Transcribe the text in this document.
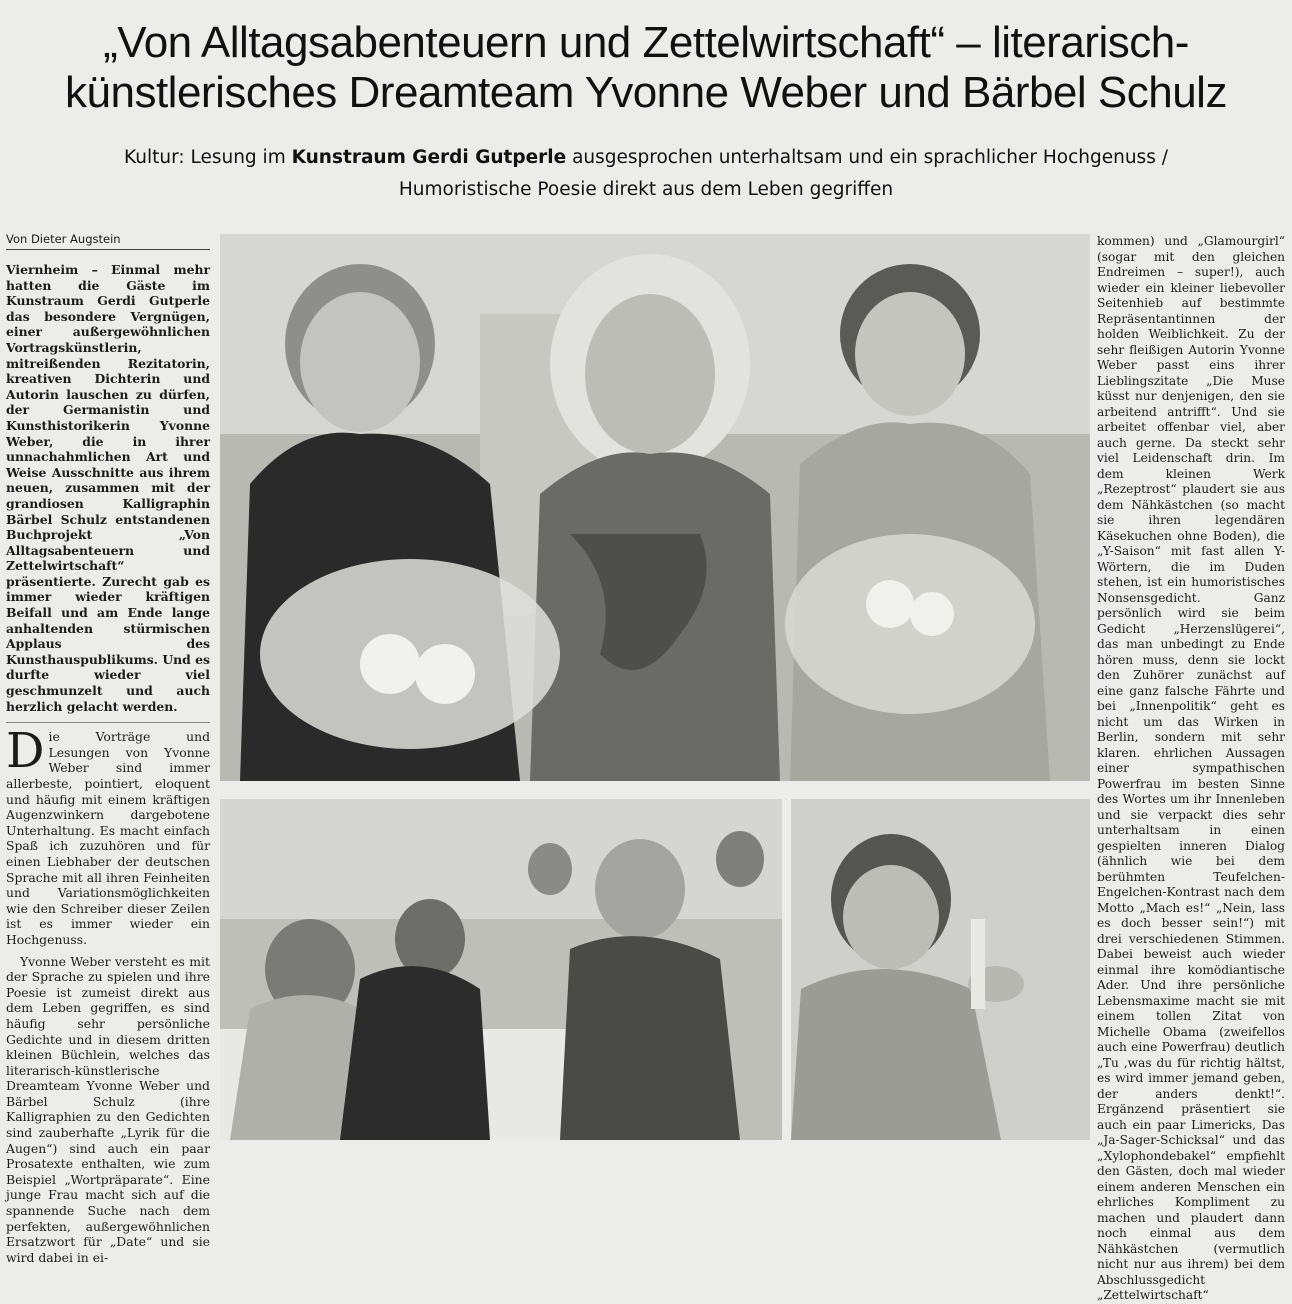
„Von Alltagsabenteuern und Zettelwirtschaft“ – literarisch-
künstlerisches Dreamteam Yvonne Weber und Bärbel Schulz
Kultur: Lesung im Kunstraum Gerdi Gutperle ausgesprochen unterhaltsam und ein sprachlicher Hochgenuss /
Humoristische Poesie direkt aus dem Leben gegriffen
Von Dieter Augstein

Viernheim – Einmal mehr hatten die Gäste im Kunstraum Gerdi Gutperle das besondere Vergnügen, einer außergewöhnlichen Vortragskünstlerin, mitreißenden Rezitatorin, kreativen Dichterin und Autorin lauschen zu dürfen, der Germanistin und Kunsthistorikerin Yvonne Weber, die in ihrer unnachahmlichen Art und Weise Ausschnitte aus ihrem neuen, zusammen mit der grandiosen Kalligraphin Bärbel Schulz entstandenen Buchprojekt „Von Alltagsabenteuern und Zettelwirtschaft“ präsentierte. Zurecht gab es immer wieder kräftigen Beifall und am Ende lange anhaltenden stürmischen Applaus des Kunsthauspublikums. Und es durfte wieder viel geschmunzelt und auch herzlich gelacht werden.

Die Vorträge und Lesungen von Yvonne Weber sind immer allerbeste, pointiert, eloquent und häufig mit einem kräftigen Augenzwinkern dargebotene Unterhaltung. Es macht einfach Spaß ich zuzuhören und für einen Liebhaber der deutschen Sprache mit all ihren Feinheiten und Variationsmöglichkeiten wie den Schreiber dieser Zeilen ist es immer wieder ein Hochgenuss.

Yvonne Weber versteht es mit der Sprache zu spielen und ihre Poesie ist zumeist direkt aus dem Leben gegriffen, es sind häufig sehr persönliche Gedichte und in diesem dritten kleinen Büchlein, welches das literarisch-künstlerische Dreamteam Yvonne Weber und Bärbel Schulz (ihre Kalligraphien zu den Gedichten sind zauberhafte „Lyrik für die Augen“) sind auch ein paar Prosatexte enthalten, wie zum Beispiel „Wortpräparate“. Eine junge Frau macht sich auf die spannende Suche nach dem perfekten, außergewöhnlichen Ersatzwort für „Date“ und sie wird dabei in ei-

kommen) und „Glamourgirl“ (sogar mit den gleichen Endreimen – super!), auch wieder ein kleiner liebevoller Seitenhieb auf bestimmte Repräsentantinnen der holden Weiblichkeit. Zu der sehr fleißigen Autorin Yvonne Weber passt eins ihrer Lieblingszitate „Die Muse küsst nur denjenigen, den sie arbeitend antrifft“. Und sie arbeitet offenbar viel, aber auch gerne. Da steckt sehr viel Leidenschaft drin. Im dem kleinen Werk „Rezeptrost“ plaudert sie aus dem Nähkästchen (so macht sie ihren legendären Käsekuchen ohne Boden), die „Y-Saison“ mit fast allen Y-Wörtern, die im Duden stehen, ist ein humoristisches Nonsensgedicht. Ganz persönlich wird sie beim Gedicht „Herzenslügerei“, das man unbedingt zu Ende hören muss, denn sie lockt den Zuhörer zunächst auf eine ganz falsche Fährte und bei „Innenpolitik“ geht es nicht um das Wirken in Berlin, sondern mit sehr klaren. ehrlichen Aussagen einer sympathischen Powerfrau im besten Sinne des Wortes um ihr Innenleben und sie verpackt dies sehr unterhaltsam in einen gespielten inneren Dialog (ähnlich wie bei dem berühmten Teufelchen-Engelchen-Kontrast nach dem Motto „Mach es!“ „Nein, lass es doch besser sein!“) mit drei verschiedenen Stimmen. Dabei beweist auch wieder einmal ihre komödiantische Ader. Und ihre persönliche Lebensmaxime macht sie mit einem tollen Zitat von Michelle Obama (zweifellos auch eine Powerfrau) deutlich „Tu ‚was du für richtig hältst, es wird immer jemand geben, der anders denkt!“. Ergänzend präsentiert sie auch ein paar Limericks, Das „Ja-Sager-Schicksal“ und das „Xylophondebakel“ empfiehlt den Gästen, doch mal wieder einem anderen Menschen ein ehrliches Kompliment zu machen und plaudert dann noch einmal aus dem Nähkästchen (vermutlich nicht nur aus ihrem) bei dem Abschlussgedicht „Zettelwirtschaft“
